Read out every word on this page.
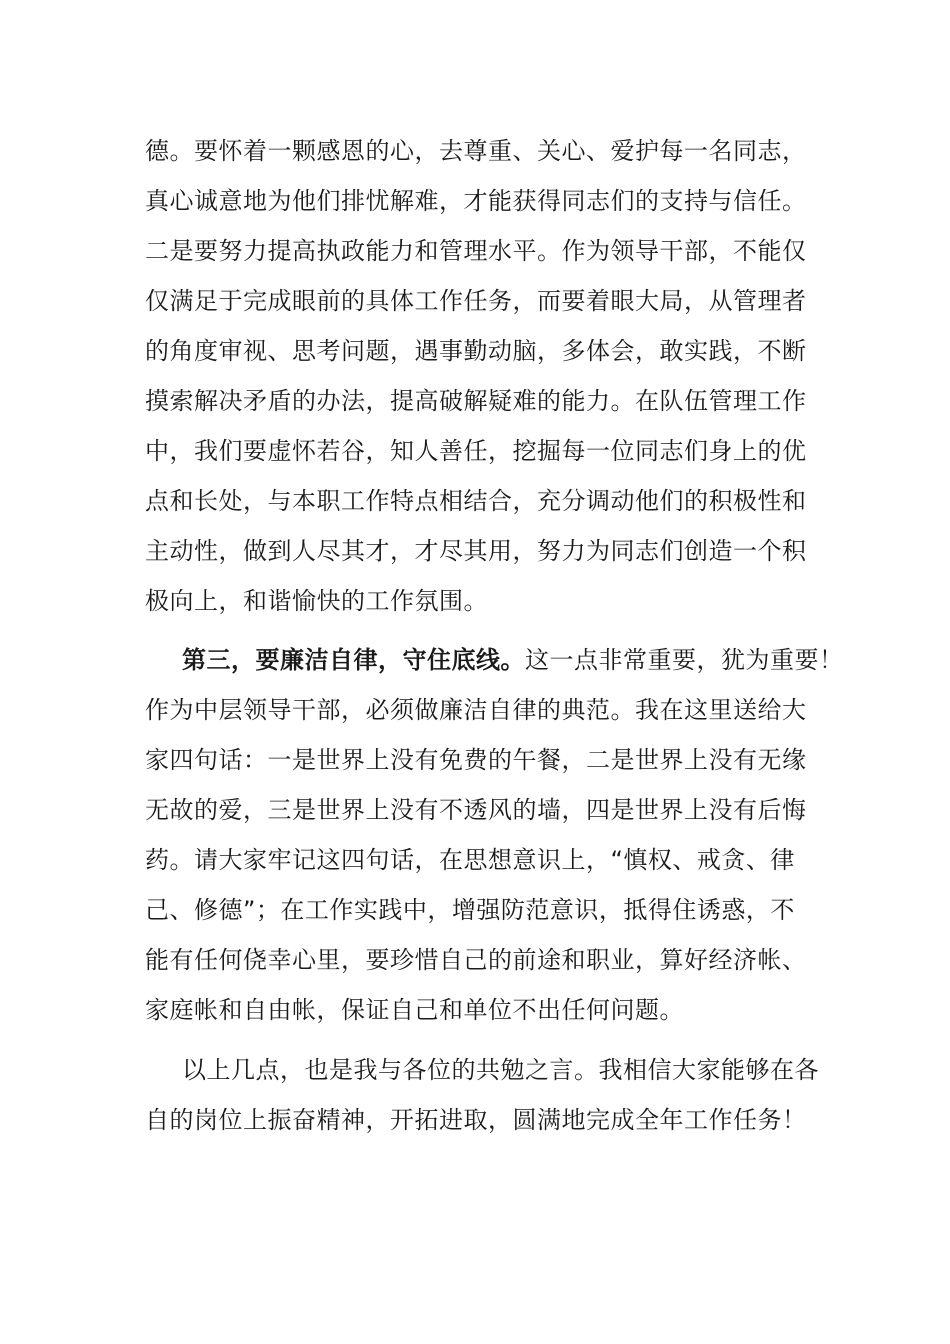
德。要怀着一颗感恩的心，去尊重、关心、爱护每一名同志，
真心诚意地为他们排忧解难，才能获得同志们的支持与信任。
二是要努力提高执政能力和管理水平。作为领导干部，不能仅
仅满足于完成眼前的具体工作任务，而要着眼大局，从管理者
的角度审视、思考问题，遇事勤动脑，多体会，敢实践，不断
摸索解决矛盾的办法，提高破解疑难的能力。在队伍管理工作
中，我们要虚怀若谷，知人善任，挖掘每一位同志们身上的优
点和长处，与本职工作特点相结合，充分调动他们的积极性和
主动性，做到人尽其才，才尽其用，努力为同志们创造一个积
极向上，和谐愉快的工作氛围。
第三，要廉洁自律，守住底线。这一点非常重要，犹为重要！
作为中层领导干部，必须做廉洁自律的典范。我在这里送给大
家四句话：一是世界上没有免费的午餐，二是世界上没有无缘
无故的爱，三是世界上没有不透风的墙，四是世界上没有后悔
药。请大家牢记这四句话，在思想意识上，“慎权、戒贪、律
己、修德”；在工作实践中，增强防范意识，抵得住诱惑，不
能有任何侥幸心里，要珍惜自己的前途和职业，算好经济帐、
家庭帐和自由帐，保证自己和单位不出任何问题。
以上几点，也是我与各位的共勉之言。我相信大家能够在各
自的岗位上振奋精神，开拓进取，圆满地完成全年工作任务！
